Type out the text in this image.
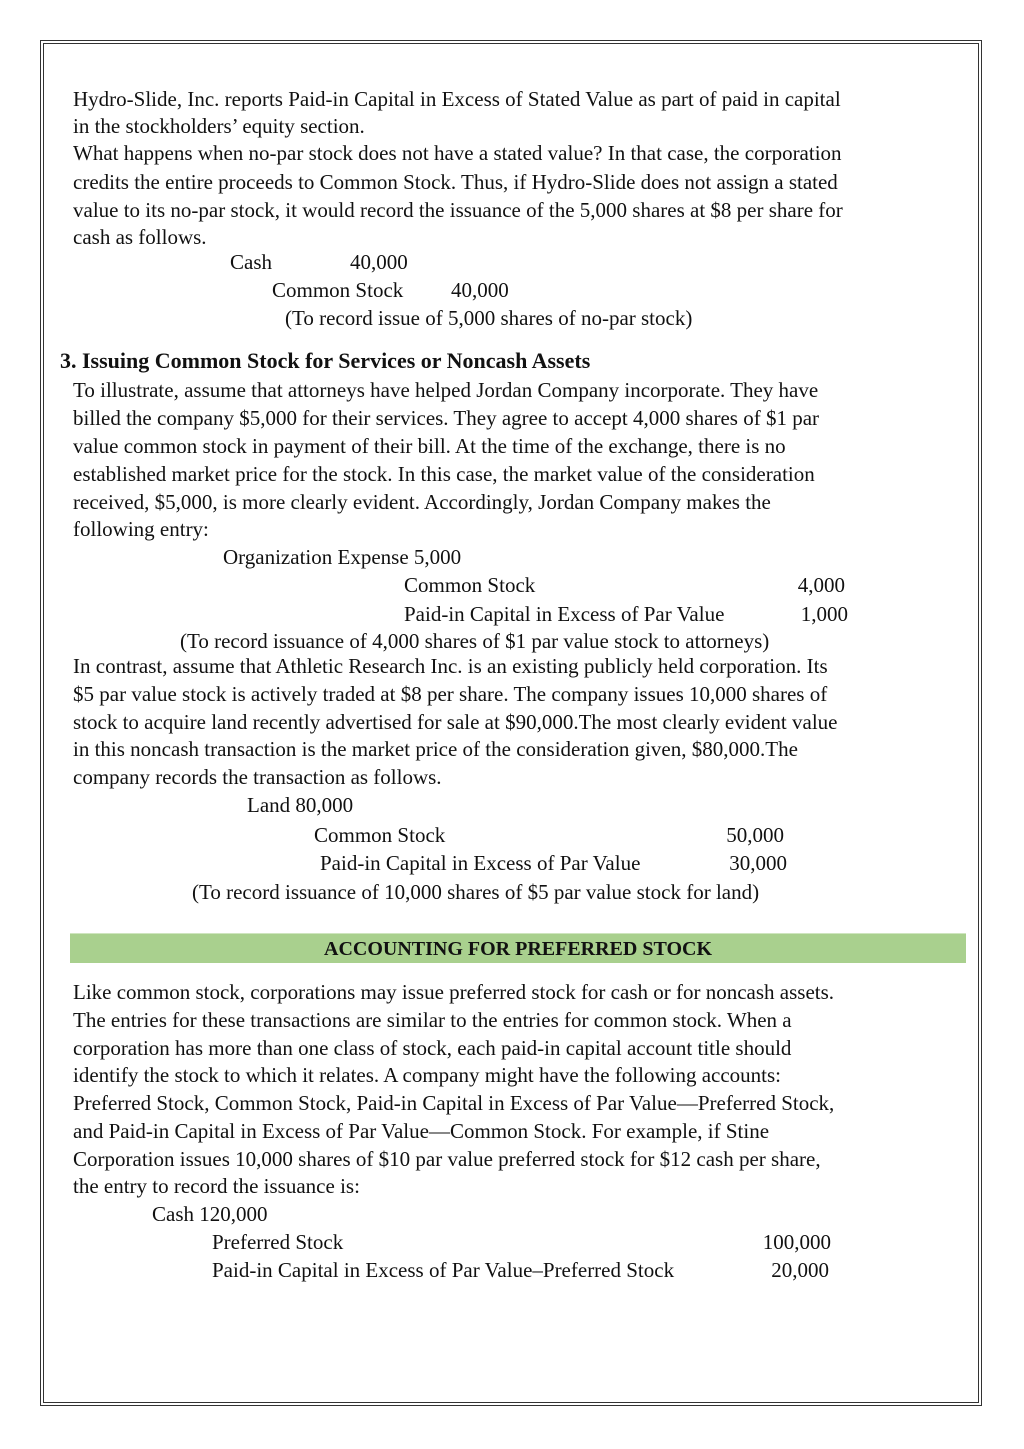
Hydro-Slide, Inc. reports Paid-in Capital in Excess of Stated Value as part of paid in capital
in the stockholders’ equity section.
What happens when no-par stock does not have a stated value? In that case, the corporation
credits the entire proceeds to Common Stock. Thus, if Hydro-Slide does not assign a stated
value to its no-par stock, it would record the issuance of the 5,000 shares at $8 per share for
cash as follows.
Cash	40,000
Common Stock 40,000
(To record issue of 5,000 shares of no-par stock)
3. Issuing Common Stock for Services or Noncash Assets
To illustrate, assume that attorneys have helped Jordan Company incorporate. They have
billed the company $5,000 for their services. They agree to accept 4,000 shares of $1 par
value common stock in payment of their bill. At the time of the exchange, there is no
established market price for the stock. In this case, the market value of the consideration
received, $5,000, is more clearly evident. Accordingly, Jordan Company makes the
following entry:
Organization Expense 5,000
Common Stock	4,000
Paid-in Capital in Excess of Par Value	1,000
(To record issuance of 4,000 shares of $1 par value stock to attorneys)
In contrast, assume that Athletic Research Inc. is an existing publicly held corporation. Its
$5 par value stock is actively traded at $8 per share. The company issues 10,000 shares of
stock to acquire land recently advertised for sale at $90,000.The most clearly evident value
in this noncash transaction is the market price of the consideration given, $80,000.The
company records the transaction as follows.
Land 80,000
Common Stock	50,000
Paid-in Capital in Excess of Par Value	30,000
(To record issuance of 10,000 shares of $5 par value stock for land)
ACCOUNTING FOR PREFERRED STOCK
Like common stock, corporations may issue preferred stock for cash or for noncash assets.
The entries for these transactions are similar to the entries for common stock. When a
corporation has more than one class of stock, each paid-in capital account title should
identify the stock to which it relates. A company might have the following accounts:
Preferred Stock, Common Stock, Paid-in Capital in Excess of Par Value—Preferred Stock,
and Paid-in Capital in Excess of Par Value—Common Stock. For example, if Stine
Corporation issues 10,000 shares of $10 par value preferred stock for $12 cash per share,
the entry to record the issuance is:
Cash 120,000
Preferred Stock	100,000
Paid-in Capital in Excess of Par Value–Preferred Stock	20,000
